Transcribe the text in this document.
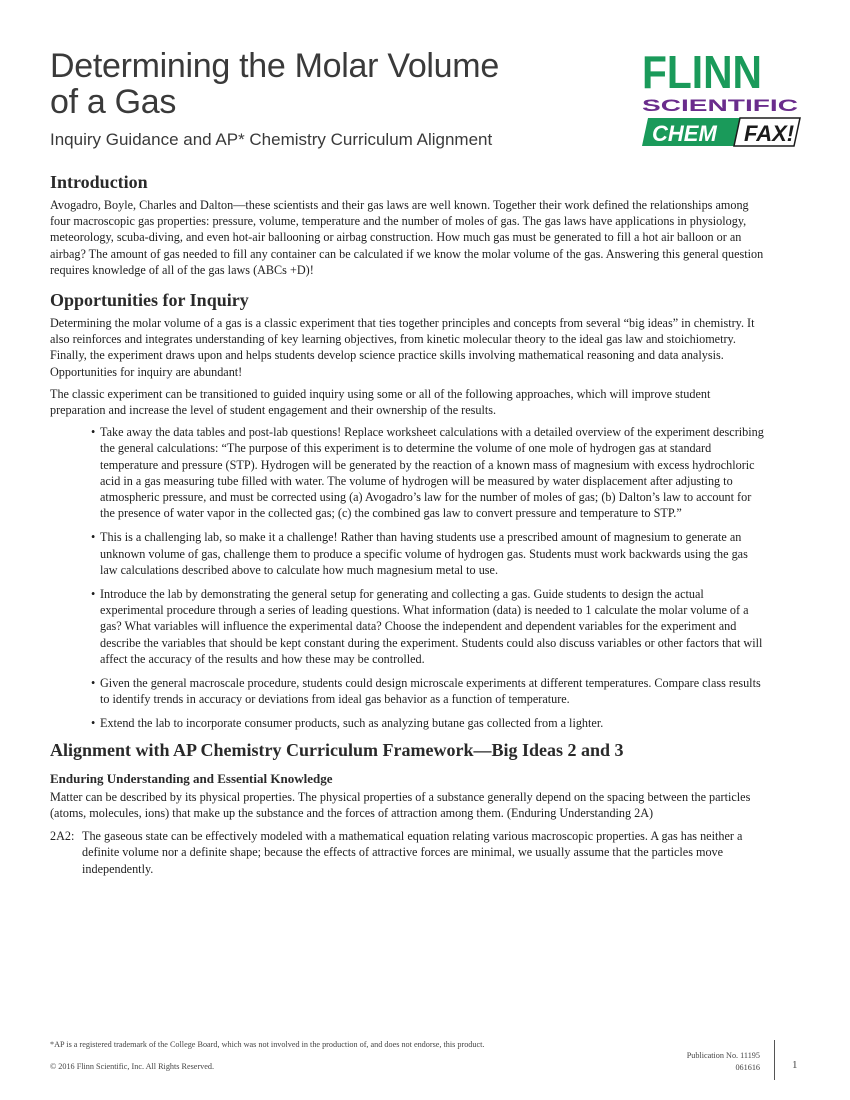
Determining the Molar Volume
of a Gas
Inquiry Guidance and AP* Chemistry Curriculum Alignment
FLINN
SCIENTIFIC
CHEM FAX!
Introduction

Avogadro, Boyle, Charles and Dalton—these scientists and their gas laws are well known. Together their work defined the relationships among four macroscopic gas properties: pressure, volume, temperature and the number of moles of gas. The gas laws have applications in physiology, meteorology, scuba-diving, and even hot-air ballooning or airbag construction. How much gas must be generated to fill a hot air balloon or an airbag? The amount of gas needed to fill any container can be calculated if we know the molar volume of the gas. Answering this general question requires knowledge of all of the gas laws (ABCs +D)!

Opportunities for Inquiry

Determining the molar volume of a gas is a classic experiment that ties together principles and concepts from several “big ideas” in chemistry. It also reinforces and integrates understanding of key learning objectives, from kinetic molecular theory to the ideal gas law and stoichiometry. Finally, the experiment draws upon and helps students develop science practice skills involving mathematical reasoning and data analysis. Opportunities for inquiry are abundant!

The classic experiment can be transitioned to guided inquiry using some or all of the following approaches, which will improve student preparation and increase the level of student engagement and their ownership of the results.

• Take away the data tables and post-lab questions! Replace worksheet calculations with a detailed overview of the experiment describing the general calculations: “The purpose of this experiment is to determine the volume of one mole of hydrogen gas at standard temperature and pressure (STP). Hydrogen will be generated by the reaction of a known mass of magnesium with excess hydrochloric acid in a gas measuring tube filled with water. The volume of hydrogen will be measured by water displacement after adjusting to atmospheric pressure, and must be corrected using (a) Avogadro’s law for the number of moles of gas; (b) Dalton’s law to account for the presence of water vapor in the collected gas; (c) the combined gas law to convert pressure and temperature to STP.”
• This is a challenging lab, so make it a challenge! Rather than having students use a prescribed amount of magnesium to generate an unknown volume of gas, challenge them to produce a specific volume of hydrogen gas. Students must work backwards using the gas law calculations described above to calculate how much magnesium metal to use.
• Introduce the lab by demonstrating the general setup for generating and collecting a gas. Guide students to design the actual experimental procedure through a series of leading questions. What information (data) is needed to 1 calculate the molar volume of a gas? What variables will influence the experimental data? Choose the independent and dependent variables for the experiment and describe the variables that should be kept constant during the experiment. Students could also discuss variables or other factors that will affect the accuracy of the results and how these may be controlled.
• Given the general macroscale procedure, students could design microscale experiments at different temperatures. Compare class results to identify trends in accuracy or deviations from ideal gas behavior as a function of temperature.
• Extend the lab to incorporate consumer products, such as analyzing butane gas collected from a lighter.
Alignment with AP Chemistry Curriculum Framework—Big Ideas 2 and 3
Enduring Understanding and Essential Knowledge

Matter can be described by its physical properties. The physical properties of a substance generally depend on the spacing between the particles (atoms, molecules, ions) that make up the substance and the forces of attraction among them. (Enduring Understanding 2A)

2A2: The gaseous state can be effectively modeled with a mathematical equation relating various macroscopic properties. A gas has neither a definite volume nor a definite shape; because the effects of attractive forces are minimal, we usually assume that the particles move independently.
*AP is a registered trademark of the College Board, which was not involved in the production of, and does not endorse, this product.
© 2016 Flinn Scientific, Inc. All Rights Reserved.
Publication No. 11195
061616	1
